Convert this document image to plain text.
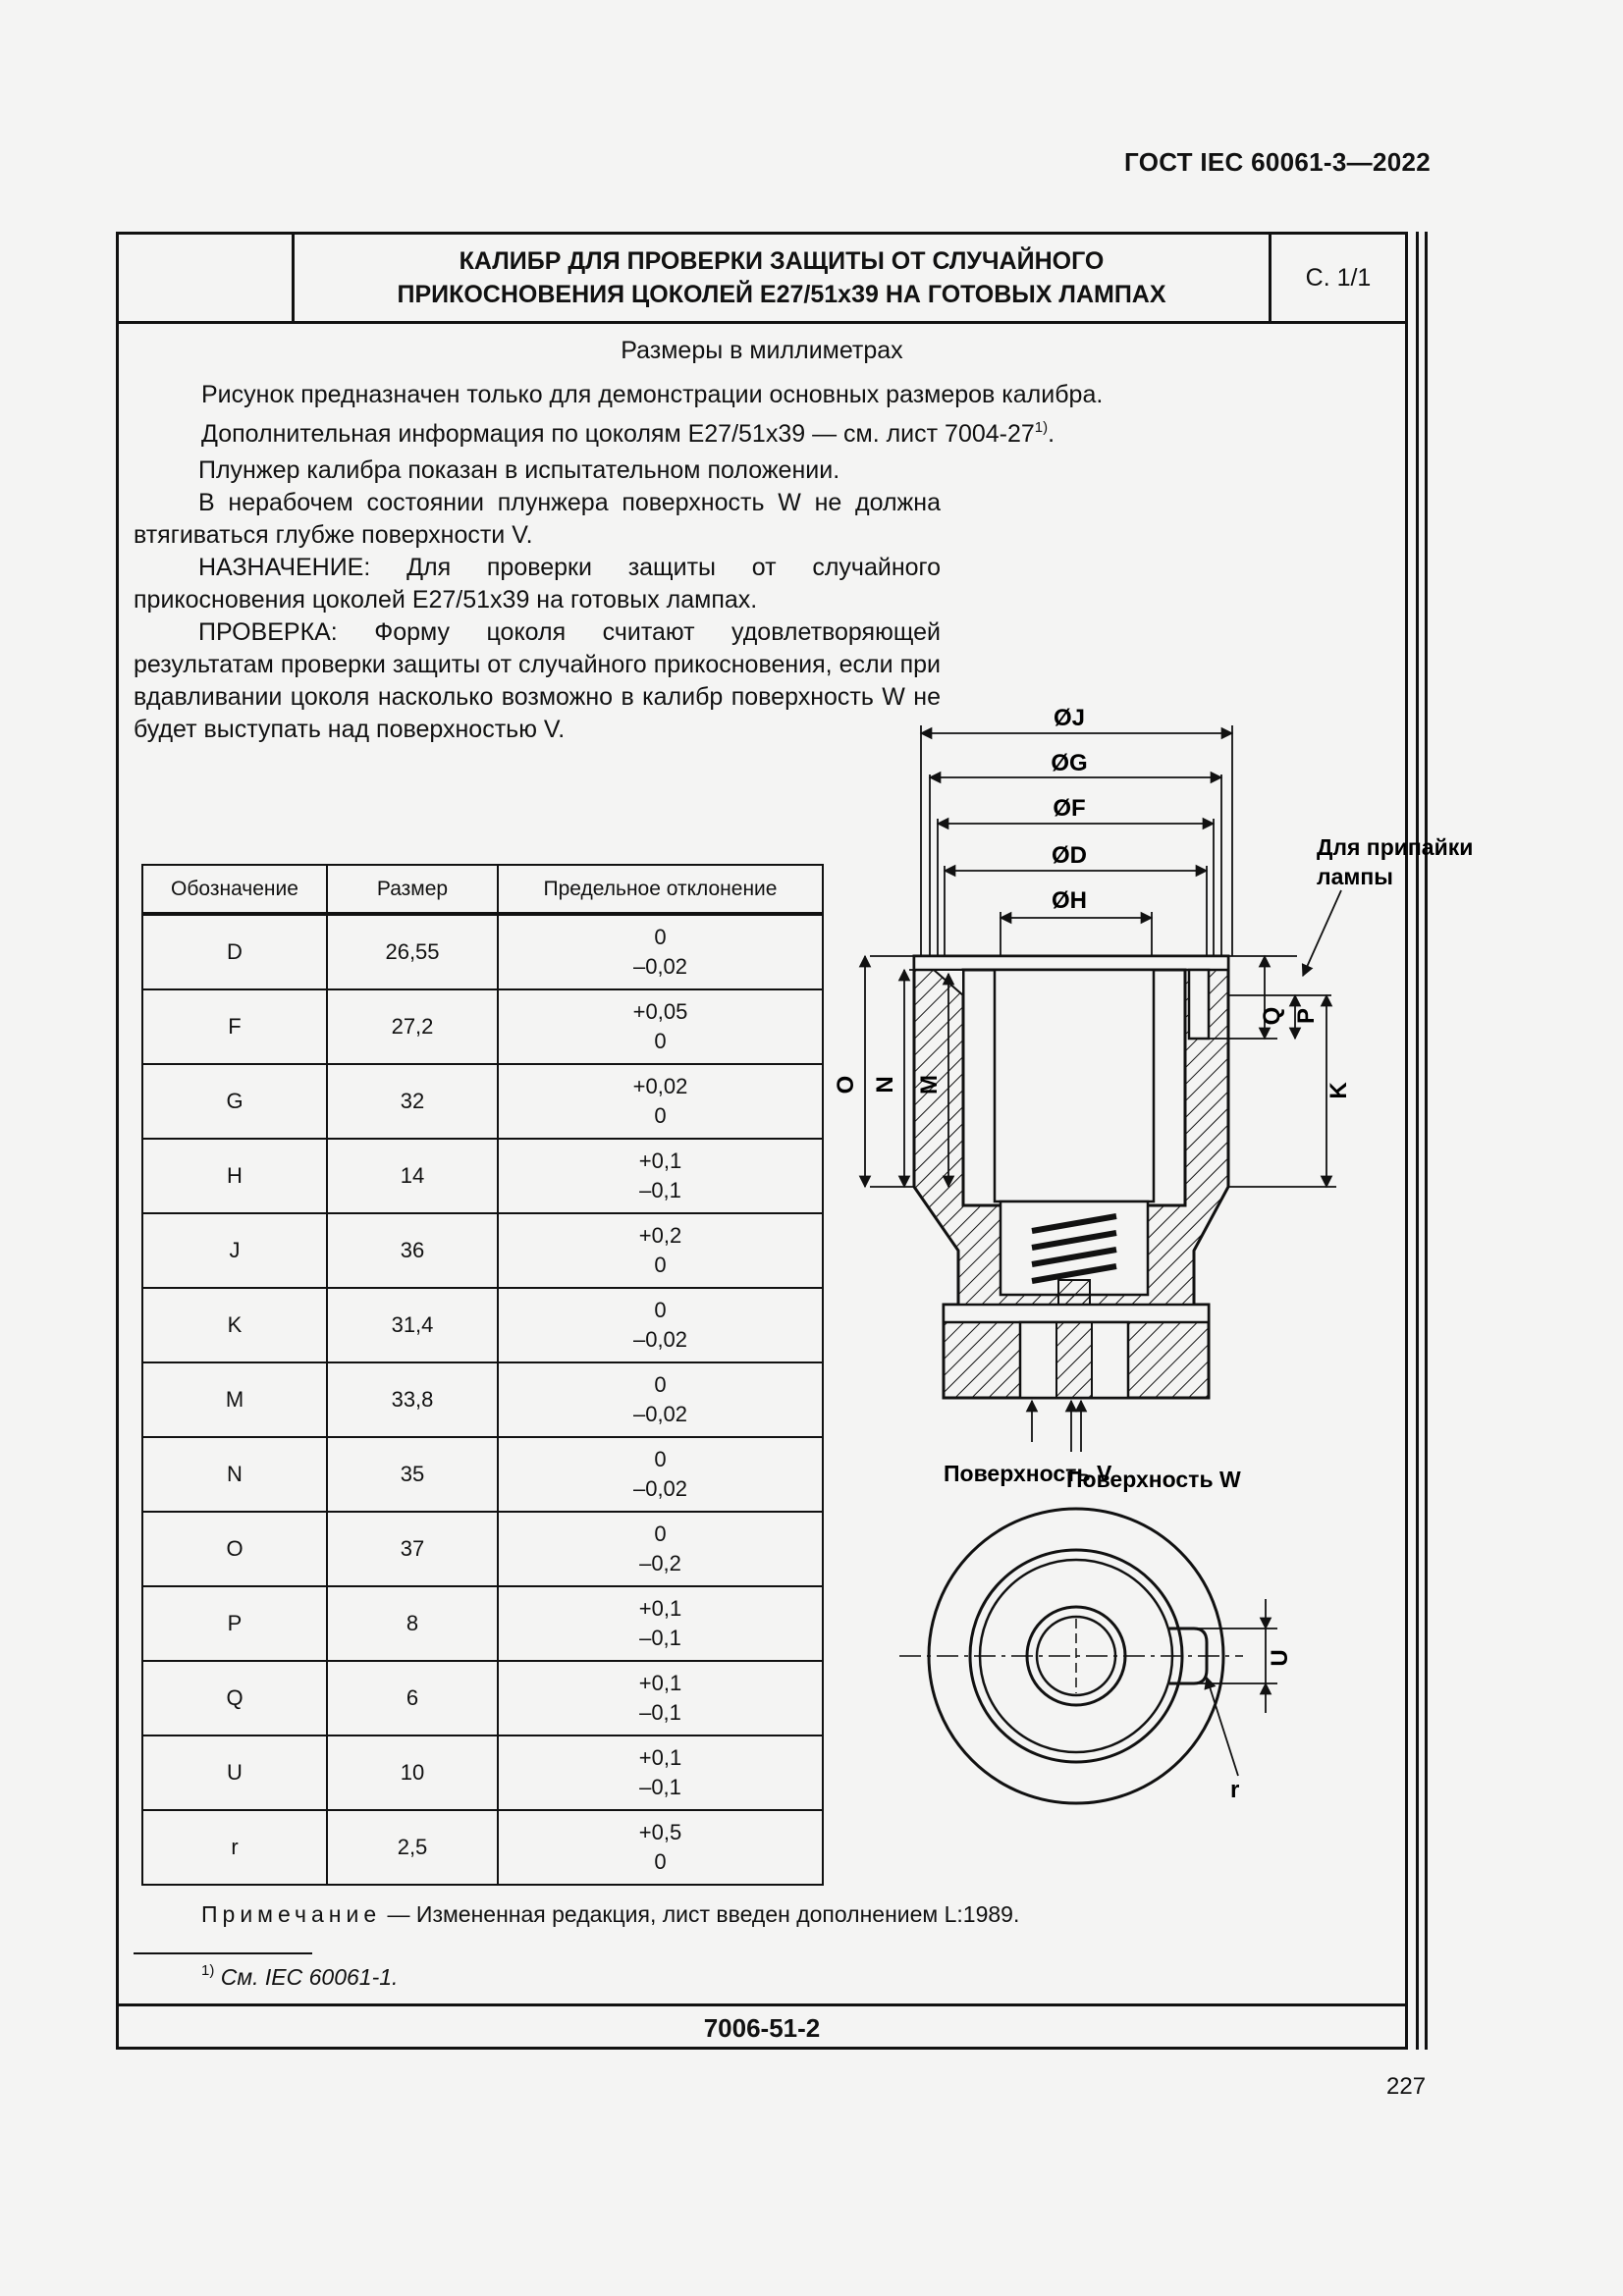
ГОСТ IEC 60061-3—2022
КАЛИБР ДЛЯ ПРОВЕРКИ ЗАЩИТЫ ОТ СЛУЧАЙНОГО
ПРИКОСНОВЕНИЯ ЦОКОЛЕЙ E27/51x39 НА ГОТОВЫХ ЛАМПАХ
С. 1/1
Размеры в миллиметрах
Рисунок предназначен только для демонстрации основных размеров калибра.
Дополнительная информация по цоколям E27/51x39 — см. лист 7004-27$^{1)}$.

Плунжер калибра показан в испытательном положении.

В нерабочем состоянии плунжера поверхность W не должна втягиваться глубже поверхности V.

НАЗНАЧЕНИЕ: Для проверки защиты от случайного прикосновения цоколей E27/51x39 на готовых лампах.

ПРОВЕРКА: Форму цоколя считают удовлетворяющей результатам проверки защиты от случайного прикосновения, если при вдавливании цоколя насколько возможно в калибр поверхность W не будет выступать над поверхностью V.

Обозначение	Размер	Предельное отклонение
D	26,55	0
–0,02

F	27,2	+0,05
0

G	32	+0,02
0

H	14	+0,1
–0,1

J	36	+0,2
0

K	31,4	0
–0,02

M	33,8	0
–0,02

N	35	0
–0,02

O	37	0
–0,2

P	8	+0,1
–0,1

Q	6	+0,1
–0,1

U	10	+0,1
–0,1

r	2,5	+0,5
0
ØJ
ØG
ØF
ØD
ØH
Для припайки
лампы
O N M
Q P
K
Поверхность V
Поверхность W
U
r
Примечание — Измененная редакция, лист введен дополнением L:1989.
$^{1)}$ См. IEC 60061-1.
7006-51-2
227
